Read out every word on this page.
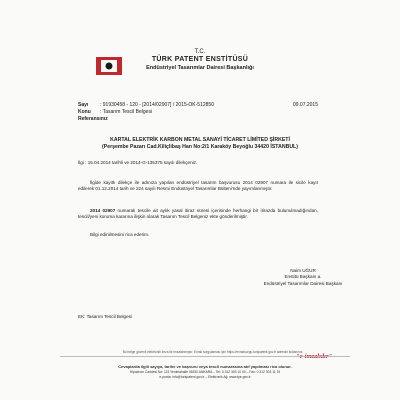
T.C.
TÜRK PATENT ENSTİTÜSÜ
Endüstriyel Tasarımlar Dairesi Başkanlığı
Sayı	: 91930458 - 120 - [2014/02907] / 2015-OK-512850	09.07.2015
Konu	: Tasarım Tescil Belgesi
Referansınız
KARTAL ELEKTRİK KARBON METAL SANAYİ TİCARET LİMİTED ŞİRKETİ
(Perşembe Pazarı Cad.Kiliçlibaş Han No:2/1 Karaköy Beyoğlu 34420 İSTANBUL)
İlgi : 15.04.2014 tarihli ve 2014-G-135375 sayılı dilekçeniz.
İlgide kayıtlı dilekçe ile adınıza yapılan endüstriyel tasarım başvurusu 2014 02907 numara ile sicile kayıt edilerek 01.12.2014 tarih ve 224 sayılı Resmi Endüstriyel Tasarımlar Bülteni'nde yayımlanmıştır.
2014 02907 numaralı tescile ait aylık yasal itiraz süresi içerisinde herhangi bir itirazda bulunulmadığından, tescil/yeni koruma kararına ilişkin olarak Tasarım Tescil Belgeniz ekte gönderilmiştir.
Bilgi edinilmesini rica ederim.
Naim UĞUR
Enstitü Başkanı a.
Endüstriyel Tasarımlar Dairesi Başkanı
EK: Tasarım Tescil Belgesi
Bu belge güvenli elektronik imza ile imzalanmıştır. Evrak sorgulaması için https://evraksorgu.turkpatent.gov.tr adresini kullanınız.
"e-imzalıdır"
Cevaplarda ilgili sayıya, tarihe ve başvuru veya tescil numarasına atıf yapılması rica olunur.
Hipodrom Caddesi No: 115 Yenimahalle 06330 ANKARA – Tel: 0 312 303 10 00 – Fax: 0 312 303 11 19
e-posta: info@turkpatent.gov.tr – Elektronik Ağ: www.tpe.gov.tr
